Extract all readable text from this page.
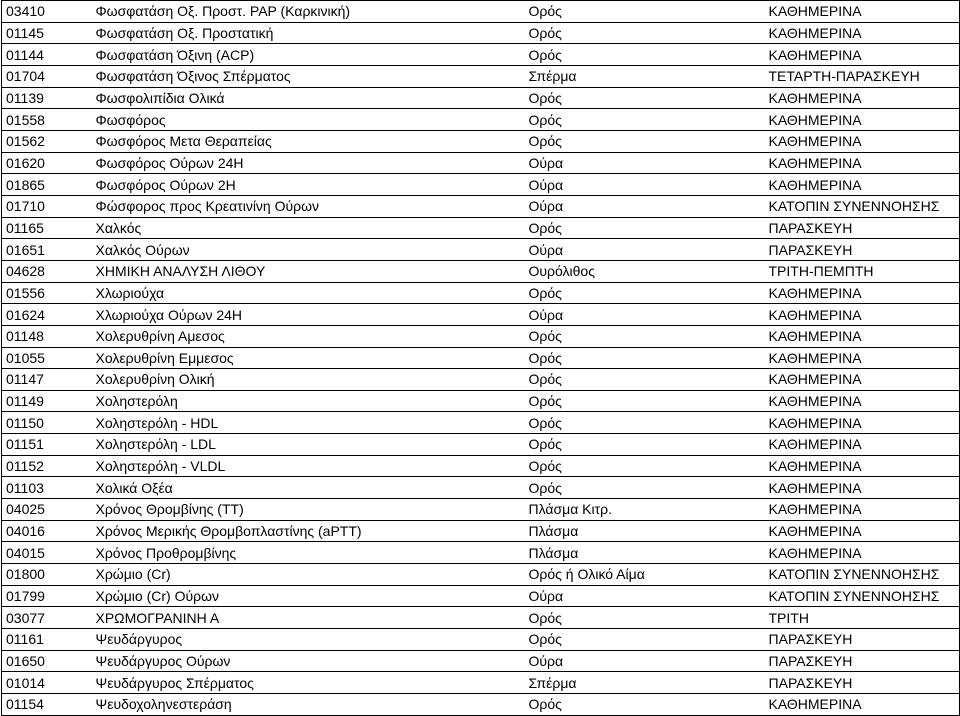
03410	Φωσφατάση Οξ. Προστ. PAP (Καρκινική)	Ορός	ΚΑΘΗΜΕΡΙΝΑ
01145	Φωσφατάση Οξ. Προστατική	Ορός	ΚΑΘΗΜΕΡΙΝΑ
01144	Φωσφατάση Όξινη (ACP)	Ορός	ΚΑΘΗΜΕΡΙΝΑ
01704	Φωσφατάση Όξινος Σπέρματος	Σπέρμα	ΤΕΤΑΡΤΗ-ΠΑΡΑΣΚΕΥΗ
01139	Φωσφολιπίδια Ολικά	Ορός	ΚΑΘΗΜΕΡΙΝΑ
01558	Φωσφόρος	Ορός	ΚΑΘΗΜΕΡΙΝΑ
01562	Φωσφόρος Μετα Θεραπείας	Ορός	ΚΑΘΗΜΕΡΙΝΑ
01620	Φωσφόρος Ούρων 24Η	Ούρα	ΚΑΘΗΜΕΡΙΝΑ
01865	Φωσφόρος Ούρων 2Η	Ούρα	ΚΑΘΗΜΕΡΙΝΑ
01710	Φώσφορος προς Κρεατινίνη Ούρων	Ούρα	ΚΑΤΟΠΙΝ ΣΥΝΕΝΝΟΗΣΗΣ
01165	Χαλκός	Ορός	ΠΑΡΑΣΚΕΥΗ
01651	Χαλκός Ούρων	Ούρα	ΠΑΡΑΣΚΕΥΗ
04628	ΧΗΜΙΚΗ ΑΝΑΛΥΣΗ ΛΙΘΟΥ	Ουρόλιθος	ΤΡΙΤΗ-ΠΕΜΠΤΗ
01556	Χλωριούχα	Ορός	ΚΑΘΗΜΕΡΙΝΑ
01624	Χλωριούχα Ούρων 24Η	Ούρα	ΚΑΘΗΜΕΡΙΝΑ
01148	Χολερυθρίνη Αμεσος	Ορός	ΚΑΘΗΜΕΡΙΝΑ
01055	Χολερυθρίνη Εμμεσος	Ορός	ΚΑΘΗΜΕΡΙΝΑ
01147	Χολερυθρίνη Ολική	Ορός	ΚΑΘΗΜΕΡΙΝΑ
01149	Χοληστερόλη	Ορός	ΚΑΘΗΜΕΡΙΝΑ
01150	Χοληστερόλη - HDL	Ορός	ΚΑΘΗΜΕΡΙΝΑ
01151	Χοληστερόλη - LDL	Ορός	ΚΑΘΗΜΕΡΙΝΑ
01152	Χοληστερόλη - VLDL	Ορός	ΚΑΘΗΜΕΡΙΝΑ
01103	Χολικά Οξέα	Ορός	ΚΑΘΗΜΕΡΙΝΑ
04025	Χρόνος Θρομβίνης (TT)	Πλάσμα Κιτρ.	ΚΑΘΗΜΕΡΙΝΑ
04016	Χρόνος Μερικής Θρομβοπλαστίνης (aPTT)	Πλάσμα	ΚΑΘΗΜΕΡΙΝΑ
04015	Χρόνος Προθρομβίνης	Πλάσμα	ΚΑΘΗΜΕΡΙΝΑ
01800	Χρώμιο (Cr)	Ορός ή Ολικό Αίμα	ΚΑΤΟΠΙΝ ΣΥΝΕΝΝΟΗΣΗΣ
01799	Χρώμιο (Cr) Ούρων	Ούρα	ΚΑΤΟΠΙΝ ΣΥΝΕΝΝΟΗΣΗΣ
03077	ΧΡΩΜΟΓΡΑΝΙΝΗ Α	Ορός	ΤΡΙΤΗ
01161	Ψευδάργυρος	Ορός	ΠΑΡΑΣΚΕΥΗ
01650	Ψευδάργυρος Ούρων	Ούρα	ΠΑΡΑΣΚΕΥΗ
01014	Ψευδάργυρος Σπέρματος	Σπέρμα	ΠΑΡΑΣΚΕΥΗ
01154	Ψευδοχοληνεστεράση	Ορός	ΚΑΘΗΜΕΡΙΝΑ
